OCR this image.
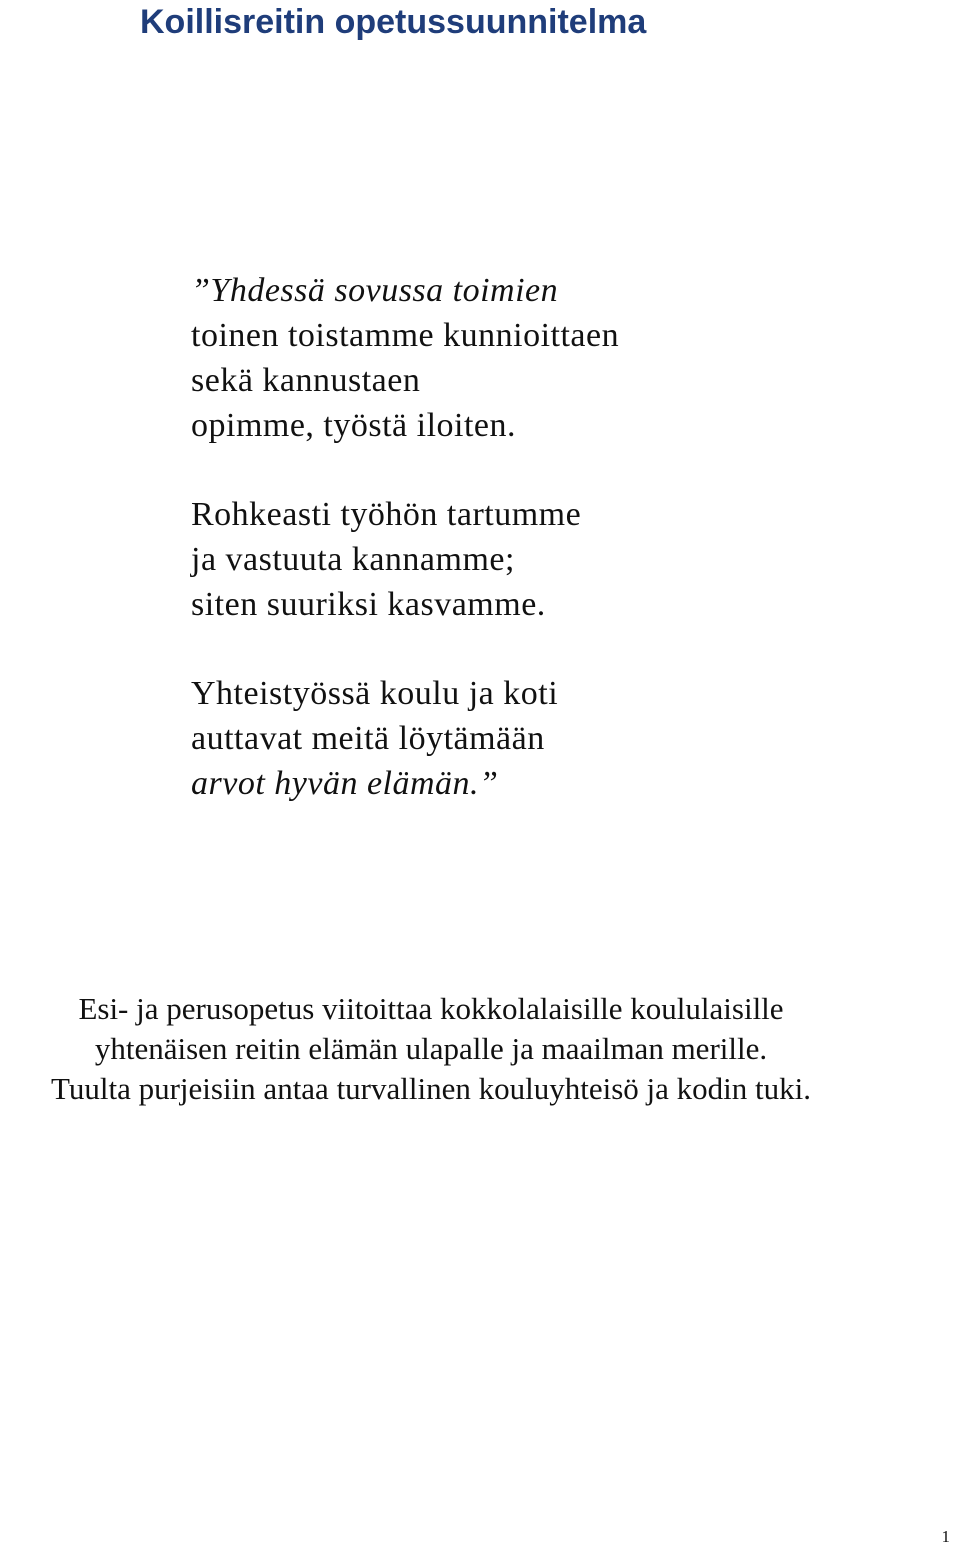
Koillisreitin opetussuunnitelma
”Yhdessä sovussa toimien
toinen toistamme kunnioittaen
sekä kannustaen
opimme, työstä iloiten.
Rohkeasti työhön tartumme
ja vastuuta kannamme;
siten suuriksi kasvamme.
Yhteistyössä koulu ja koti
auttavat meitä löytämään
arvot hyvän elämän.”
Esi- ja perusopetus viitoittaa kokkolalaisille koululaisille
yhtenäisen reitin elämän ulapalle ja maailman merille.
Tuulta purjeisiin antaa turvallinen kouluyhteisö ja kodin tuki.
1
